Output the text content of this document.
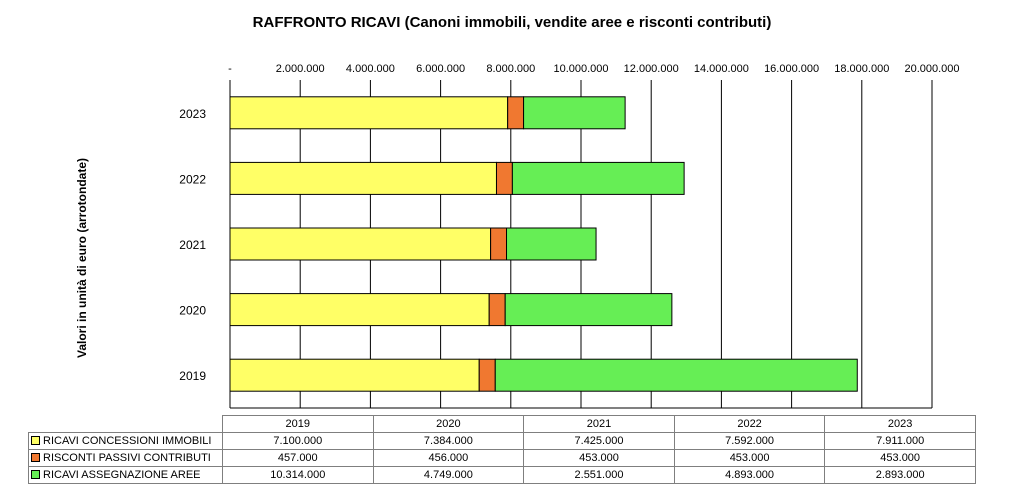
RAFFRONTO RICAVI (Canoni immobili, vendite aree e risconti contributi)
Valori in unità di euro (arrotondate)
-	2.000.000 4.000.000 6.000.000 8.000.000 10.000.000 12.000.000 14.000.000 16.000.000 18.000.000 20.000.000
2019
2020
2021
2022
2023
	2019	2020	2021	2022	2023
RICAVI CONCESSIONI IMMOBILI	7.100.000	7.384.000	7.425.000	7.592.000	7.911.000
RISCONTI PASSIVI CONTRIBUTI	457.000	456.000	453.000	453.000	453.000
RICAVI ASSEGNAZIONE AREE	10.314.000	4.749.000	2.551.000	4.893.000	2.893.000
